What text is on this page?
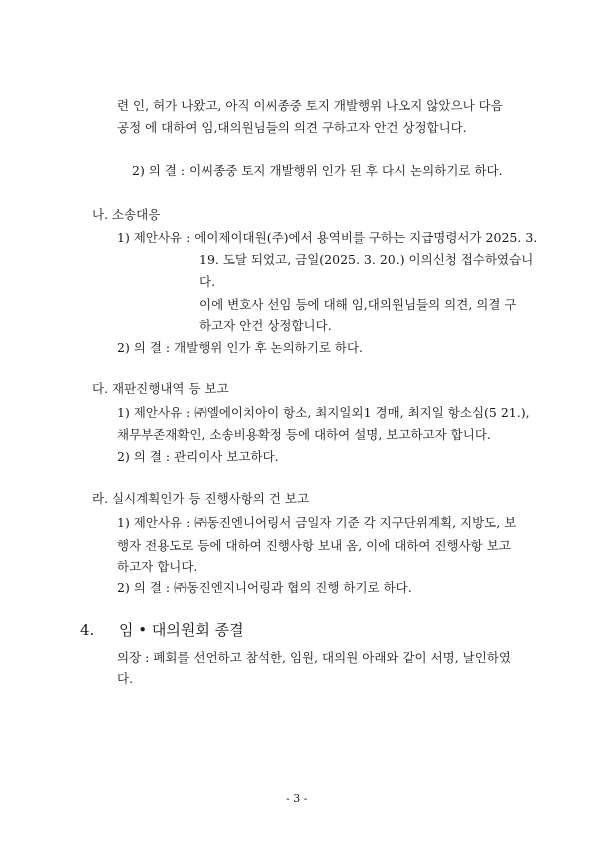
련 인, 허가 나왔고, 아직 이씨종중 토지 개발행위 나오지 않았으나 다음
공정 에 대하여 임,대의원님들의 의견 구하고자 안건 상정합니다.
2) 의 결 : 이씨종중 토지 개발행위 인가 된 후 다시 논의하기로 하다.
나. 소송대응
1) 제안사유 : 에이제이대원(주)에서 용역비를 구하는 지급명령서가 2025. 3.
19. 도달 되었고, 금일(2025. 3. 20.) 이의신청 접수하였습니
다.
이에 변호사 선임 등에 대해 임,대의원님들의 의견, 의결 구
하고자 안건 상정합니다.
2) 의 결 : 개발행위 인가 후 논의하기로 하다.
다. 재판진행내역 등 보고
1) 제안사유 : ㈜엘에이치아이 항소, 최지일외1 경매, 최지일 항소심(5 21.),
채무부존재확인, 소송비용확정 등에 대하여 설명, 보고하고자 합니다.
2) 의 결 : 관리이사 보고하다.
라. 실시계획인가 등 진행사항의 건 보고
1) 제안사유 : ㈜동진엔니어링서 금일자 기준 각 지구단위계획, 지방도, 보
행자 전용도로 등에 대하여 진행사항 보내 옴, 이에 대하여 진행사항 보고
하고자 합니다.
2) 의 결 : ㈜동진엔지니어링과 협의 진행 하기로 하다.
4. 임 • 대의원회 종결
의장 : 폐회를 선언하고 참석한, 임원, 대의원 아래와 같이 서명, 날인하였
다.
- 3 -
